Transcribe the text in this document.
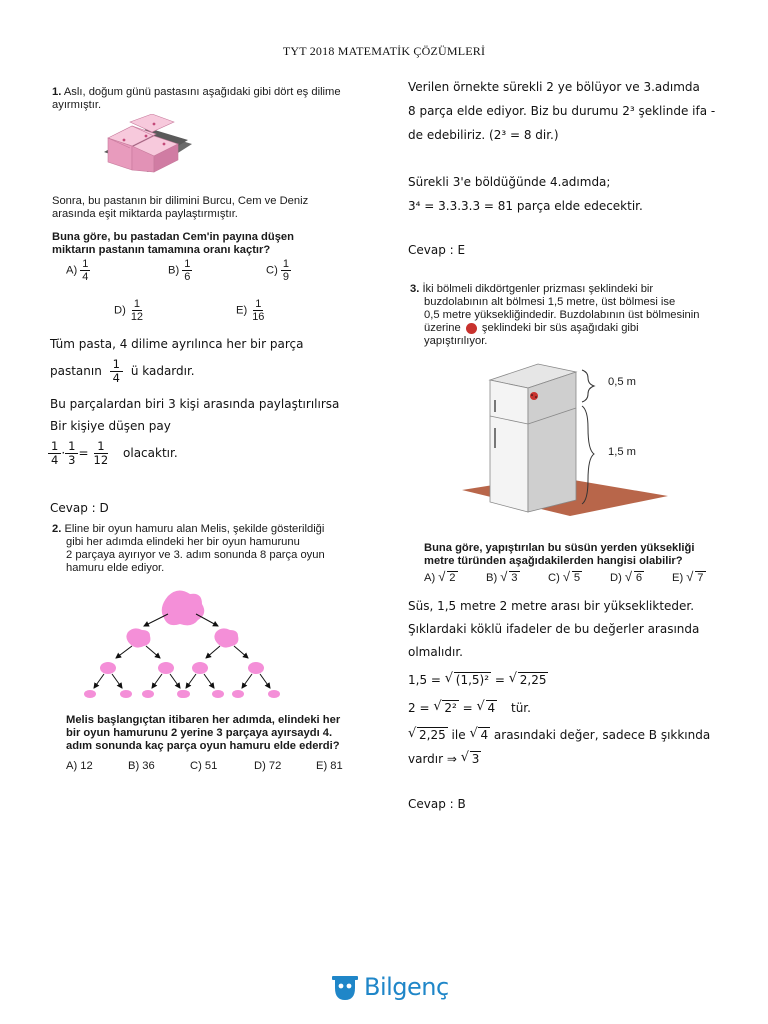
TYT 2018 MATEMATİK ÇÖZÜMLERİ
1. Aslı, doğum günü pastasını aşağıdaki gibi dört eş dilime
ayırmıştır.
Sonra, bu pastanın bir dilimini Burcu, Cem ve Deniz
arasında eşit miktarda paylaştırmıştır.
Buna göre, bu pastadan Cem'in payına düşen
miktarın pastanın tamamına oranı kaçtır?
$A) \frac{1}{4}$	$B) \frac{1}{6}$	$C) \frac{1}{9}$
$D) \frac{1}{12}$	$E) \frac{1}{16}$
Tüm pasta, 4 dilime ayrılınca her bir parça
pastanın $\frac{1}{4}$ ü kadardır.
Bu parçalardan biri 3 kişi arasında paylaştırılırsa
Bir kişiye düşen pay
$\frac{1}{4} \cdot \frac{1}{3} = \frac{1}{12}$ olacaktır.
Cevap : D
2. Eline bir oyun hamuru alan Melis, şekilde gösterildiği
gibi her adımda elindeki her bir oyun hamurunu
2 parçaya ayırıyor ve 3. adım sonunda 8 parça oyun
hamuru elde ediyor.
Melis başlangıçtan itibaren her adımda, elindeki her
bir oyun hamurunu 2 yerine 3 parçaya ayırsaydı 4.
adım sonunda kaç parça oyun hamuru elde ederdi?
A) 12	B) 36	C) 51	D) 72	E) 81
Verilen örnekte sürekli 2 ye bölüyor ve 3.adımda
8 parça elde ediyor. Biz bu durumu 2³ şeklinde ifa -
de edebiliriz. (2³ = 8 dir.)
Sürekli 3'e böldüğünde 4.adımda;
3⁴ = 3.3.3.3 = 81 parça elde edecektir.
Cevap : E
3. İki bölmeli dikdörtgenler prizması şeklindeki bir
buzdolabının alt bölmesi 1,5 metre, üst bölmesi ise
0,5 metre yüksekliğindedir. Buzdolabının üst bölmesinin
üzerine şeklindeki bir süs aşağıdaki gibi
yapıştırılıyor.
0,5 m
1,5 m
Buna göre, yapıştırılan bu süsün yerden yüksekliği
metre türünden aşağıdakilerden hangisi olabilir?
A) √ 2	B) √ 3	C) √ 5	D) √ 6	E) √ 7
Süs, 1,5 metre 2 metre arası bir yükseklikteder.
Şıklardaki köklü ifadeler de bu değerler arasında
olmalıdır.
1,5 = √ (1,5)² = √ 2,25
2 = √ 2² = √ 4 tür.
√ 2,25 ile √ 4 arasındaki değer, sadece B şıkkında
vardır ⇒ √ 3
Cevap : B
Bilgenç
